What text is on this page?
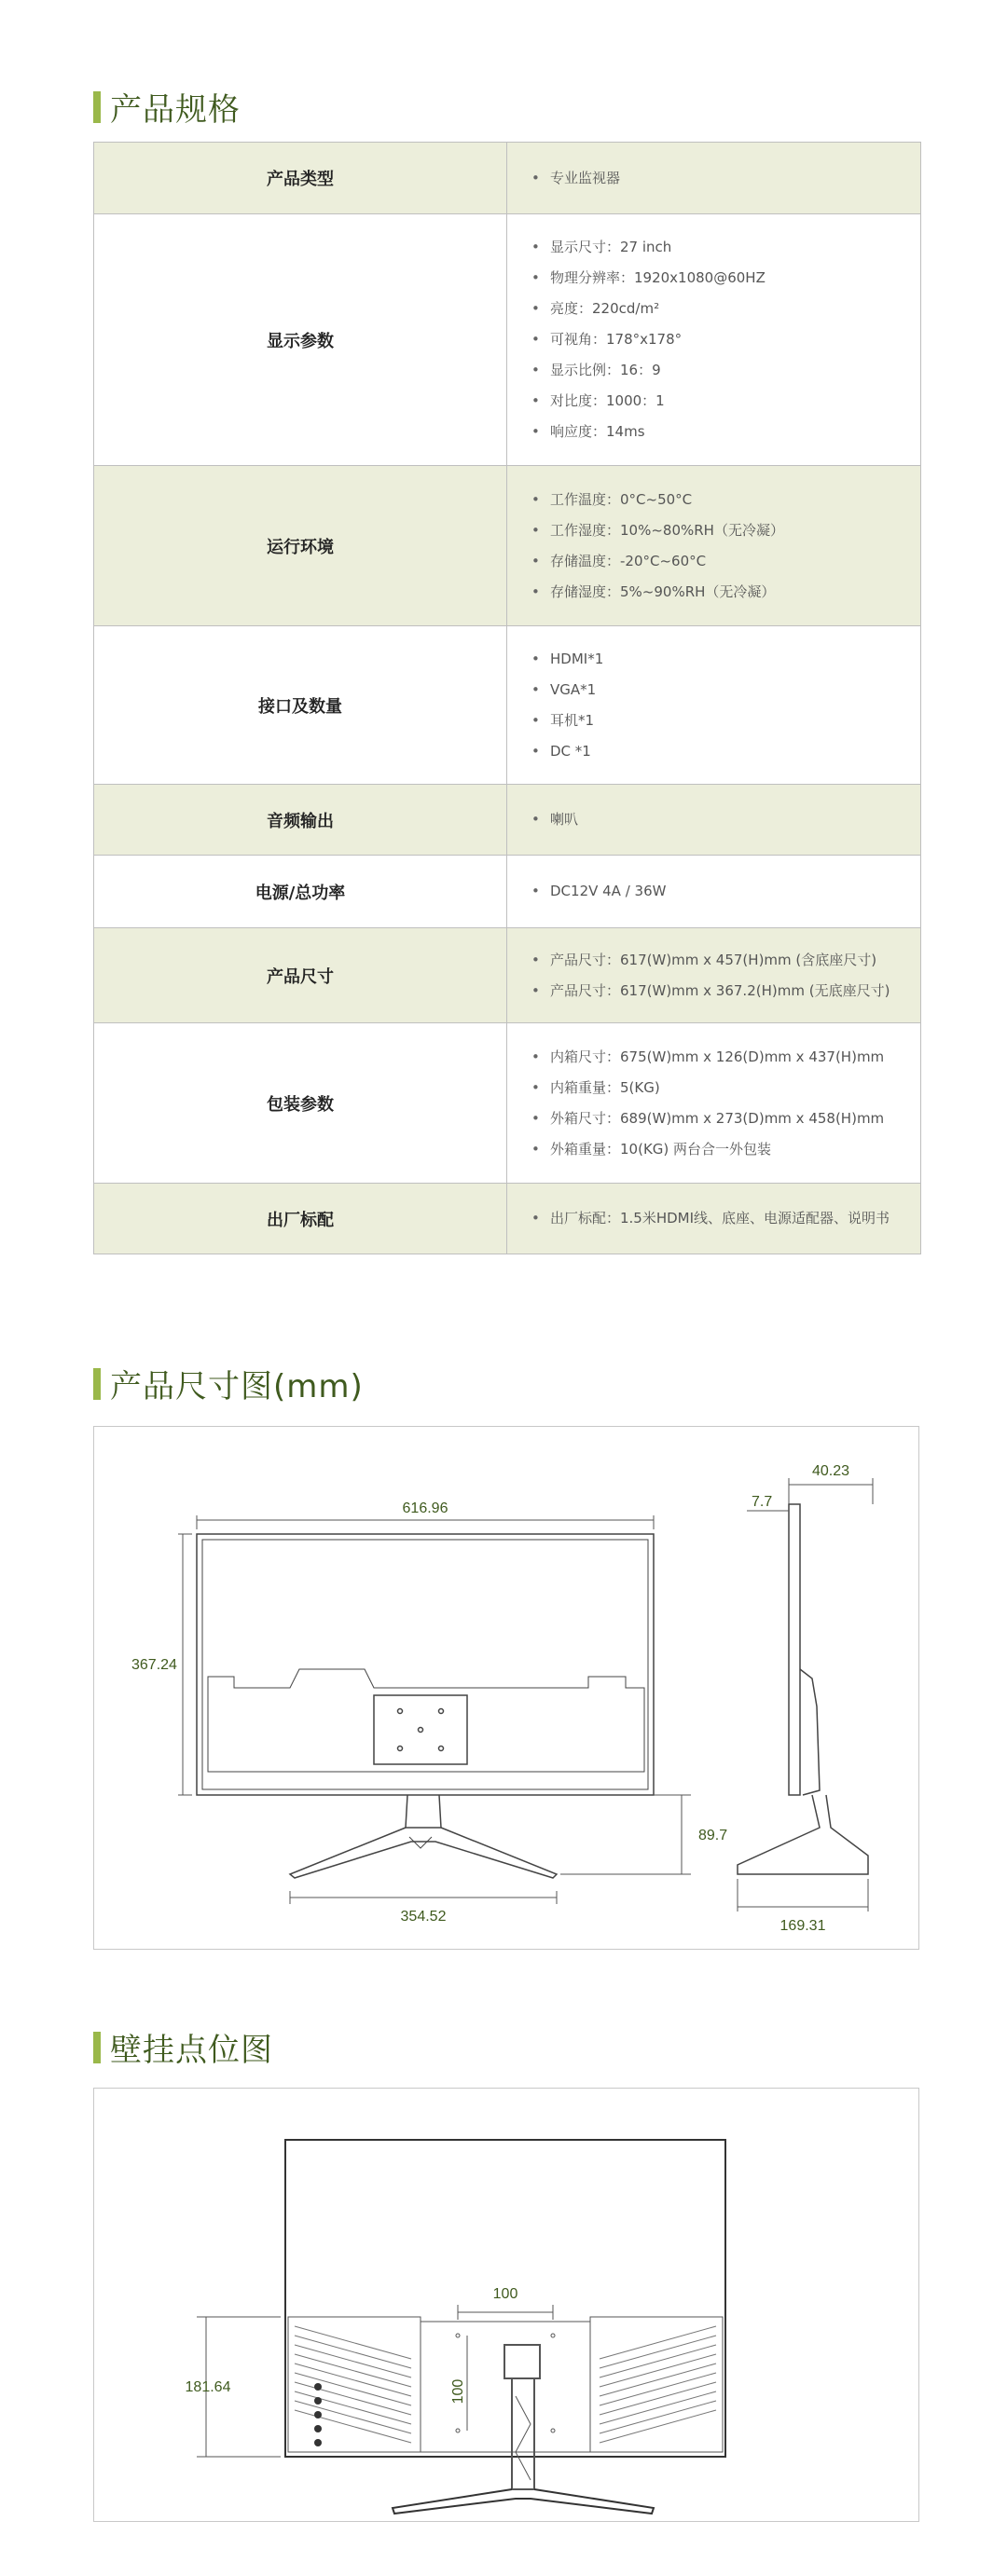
产品规格
产品类型	• 专业监视器
显示参数
• 显示尺寸：27 inch
• 物理分辨率：1920x1080@60HZ
• 亮度：220cd/m²
• 可视角：178°x178°
• 显示比例：16：9
• 对比度：1000：1
• 响应度：14ms
运行环境
• 工作温度：0°C~50°C
• 工作湿度：10%~80%RH（无冷凝）
• 存储温度：-20°C~60°C
• 存储湿度：5%~90%RH（无冷凝）
接口及数量
• HDMI*1
• VGA*1
• 耳机*1
• DC *1
音频输出	• 喇叭
电源/总功率	• DC12V 4A / 36W
产品尺寸
• 产品尺寸：617(W)mm x 457(H)mm (含底座尺寸)
• 产品尺寸：617(W)mm x 367.2(H)mm (无底座尺寸)
包装参数
• 内箱尺寸：675(W)mm x 126(D)mm x 437(H)mm
• 内箱重量：5(KG)
• 外箱尺寸：689(W)mm x 273(D)mm x 458(H)mm
• 外箱重量：10(KG) 两台合一外包装
出厂标配	• 出厂标配：1.5米HDMI线、底座、电源适配器、说明书
产品尺寸图(mm)
616.96
367.24
354.52
89.7
40.23
7.7
169.31
壁挂点位图
100
100
181.64
